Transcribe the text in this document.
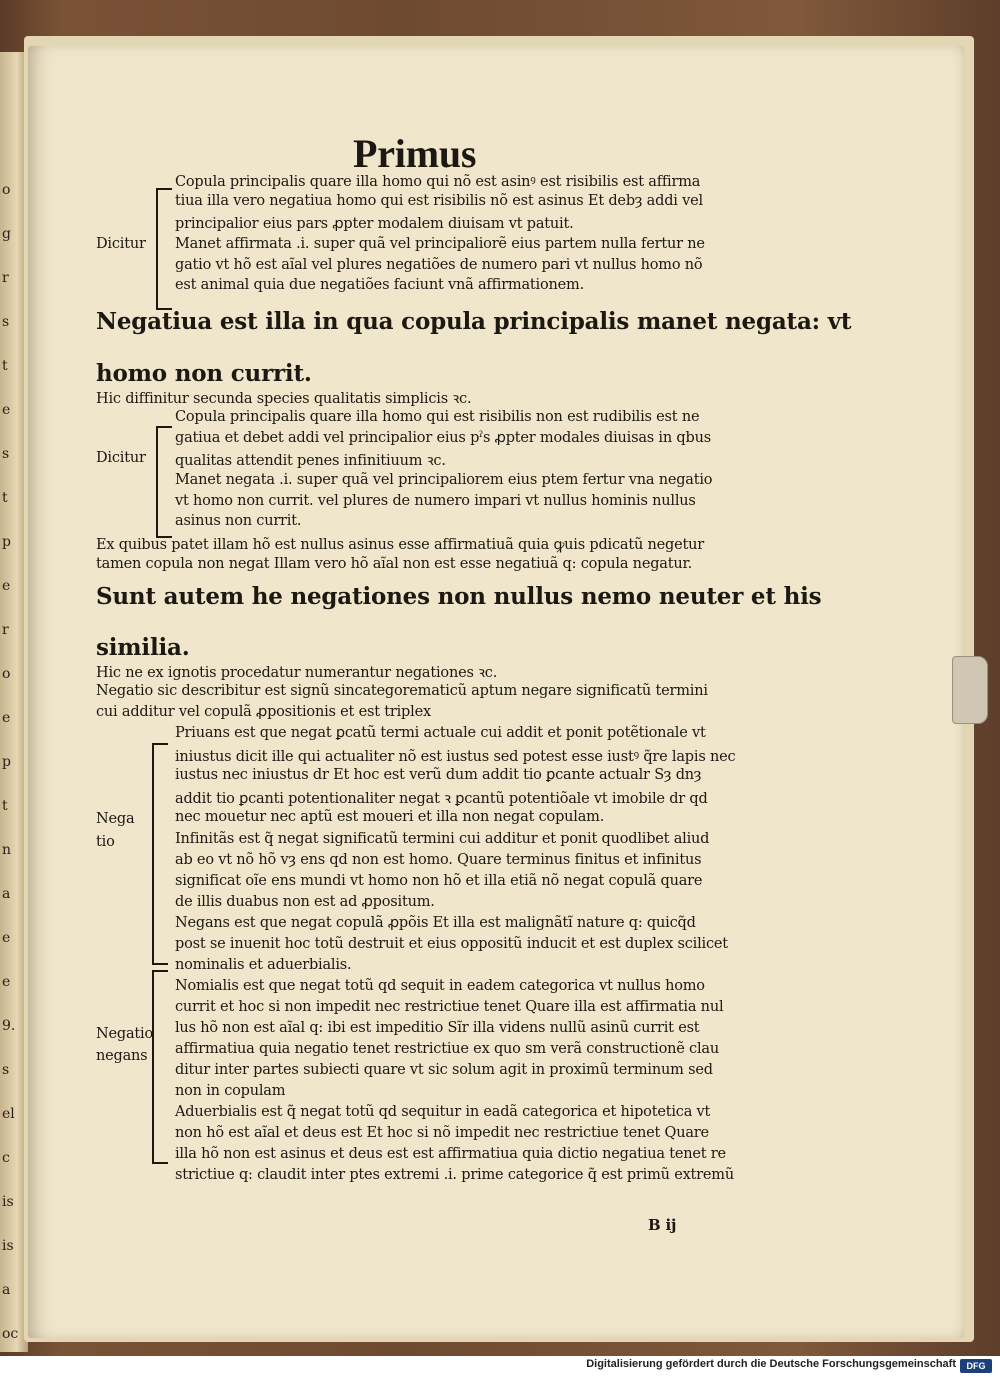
o
g
r
s
t
e
s
t
p
e
r
o
e
p
t
n
a
e
e
9.
s
el
c
is
is
a
oc
Primus
Copula principalis quare illa homo qui nõ est asinꝰ est risibilis est affirma
tiua illa vero negatiua homo qui est risibilis nõ est asinus Et debȝ addi vel
principalior eius pars ꝓpter modalem diuisam vt patuit.
Dicitur Manet affirmata .i. super quã vel principaliorẽ eius partem nulla fertur ne
gatio vt hõ est aĩal vel plures negatiões de numero pari vt nullus homo nõ
est animal quia due negatiões faciunt vnã affirmationem.
Negatiua est illa in qua copula principalis manet negata: vt
homo non currit.
Hic diffinitur secunda species qualitatis simplicis ꝛc.
Copula principalis quare illa homo qui est risibilis non est rudibilis est ne
gatiua et debet addi vel principalior eius pˀs ꝓpter modales diuisas in qbus
Dicitur qualitas attendit penes infinitiuum ꝛc.
Manet negata .i. super quã vel principaliorem eius ptem fertur vna negatio
vt homo non currit. vel plures de numero impari vt nullus hominis nullus
asinus non currit.
Ex quibus patet illam hõ est nullus asinus esse affirmatiuã quia ꝙuis pdicatũ negetur
tamen copula non negat Illam vero hõ aĩal non est esse negatiuã q: copula negatur.
Sunt autem he negationes non nullus nemo neuter et his
similia.
Hic ne ex ignotis procedatur numerantur negationes ꝛc.
Negatio sic describitur est signũ sincategorematicũ aptum negare significatũ termini
cui additur vel copulã ꝓpositionis et est triplex
Priuans est que negat ꝑcatũ termi actuale cui addit et ponit potẽtionale vt
iniustus dicit ille qui actualiter nõ est iustus sed potest esse iustꝰ q̃re lapis nec
iustus nec iniustus dr Et hoc est verũ dum addit tio ꝑcante actualr Sȝ dnȝ
addit tio ꝑcanti potentionaliter negat ꝛ ꝑcantũ potentiõale vt imobile dr qd
nec mouetur nec aptũ est moueri et illa non negat copulam.
Nega
Infinitãs est q̃ negat significatũ termini cui additur et ponit quodlibet aliud
tio
ab eo vt nõ hõ vȝ ens qd non est homo. Quare terminus finitus et infinitus
significat oĩe ens mundi vt homo non hõ et illa etiã nõ negat copulã quare
de illis duabus non est ad ꝓpositum.
Negans est que negat copulã ꝓpõis Et illa est malignãtĩ nature q: quicq̃d
post se inuenit hoc totũ destruit et eius oppositũ inducit et est duplex scilicet
nominalis et aduerbialis.
Nomialis est que negat totũ qd sequit in eadem categorica vt nullus homo
currit et hoc si non impedit nec restrictiue tenet Quare illa est affirmatia nul
lus hõ non est aĩal q: ibi est impeditio Sĩr illa videns nullũ asinũ currit est
affirmatiua quia negatio tenet restrictiue ex quo sm verã constructionẽ clau
Negatio
ditur inter partes subiecti quare vt sic solum agit in proximũ terminum sed
negans
non in copulam
Aduerbialis est q̃ negat totũ qd sequitur in eadã categorica et hipotetica vt
non hõ est aĩal et deus est Et hoc si nõ impedit nec restrictiue tenet Quare
illa hõ non est asinus et deus est est affirmatiua quia dictio negatiua tenet re
strictiue q: claudit inter ptes extremi .i. prime categorice q̃ est primũ extremũ
B ij
Digitalisierung gefördert durch die Deutsche Forschungsgemeinschaft	DFG
